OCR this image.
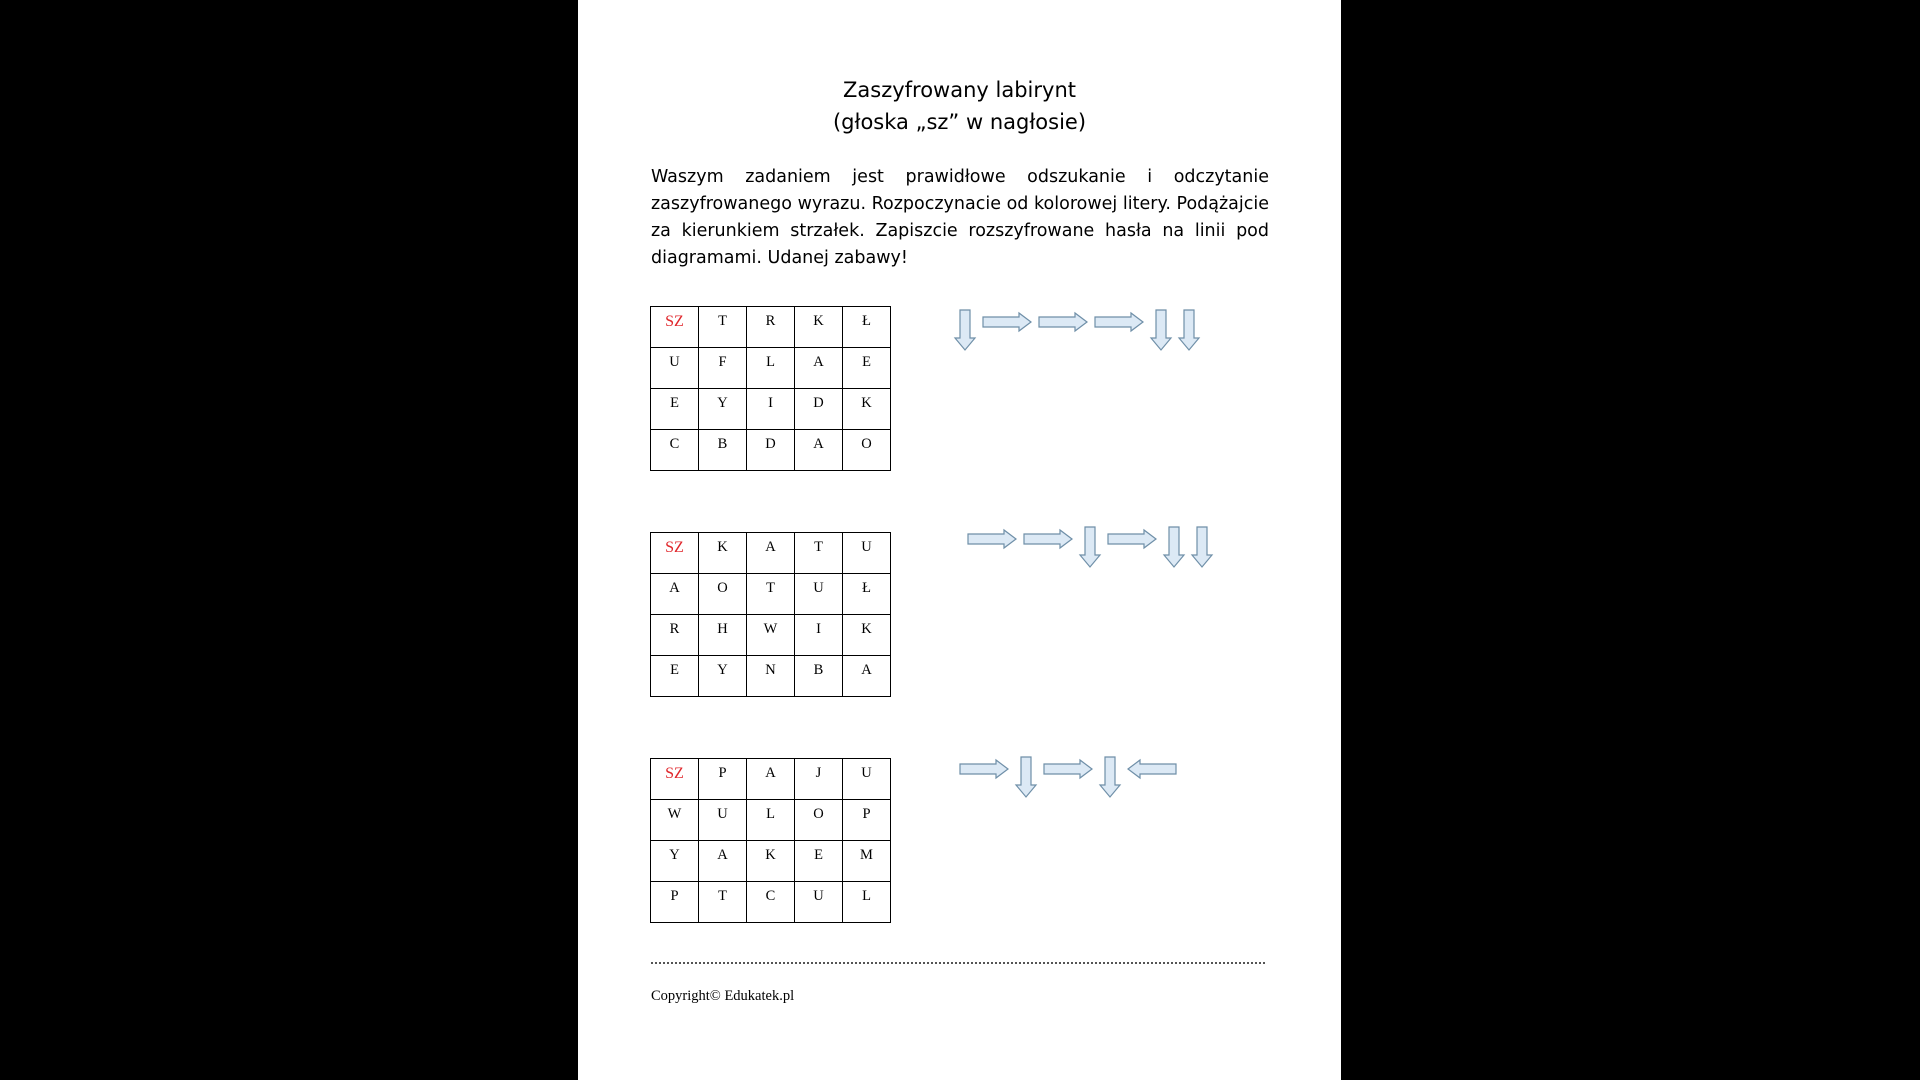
Zaszyfrowany labirynt
(głoska „sz” w nagłosie)
Waszym zadaniem jest prawidłowe odszukanie i odczytanie zaszyfrowanego wyrazu. Rozpoczynacie od kolorowej litery. Podążajcie za kierunkiem strzałek. Zapiszcie rozszyfrowane hasła na linii pod diagramami. Udanej zabawy!
SZ	T	R	K	Ł
U	F	L	A	E
E	Y	I	D	K
C	B	D	A	O
SZ	K	A	T	U
A	O	T	U	Ł
R	H	W	I	K
E	Y	N	B	A
SZ	P	A	J	U
W	U	L	O	P
Y	A	K	E	M
P	T	C	U	L
Copyright© Edukatek.pl
